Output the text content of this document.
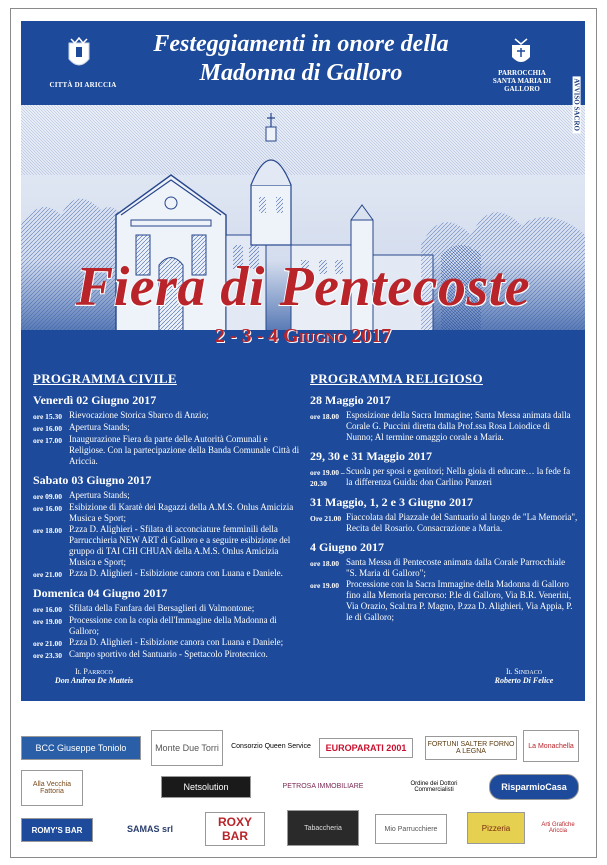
CITTÀ DI ARICCIA
Festeggiamenti in onore della
Madonna di Galloro	PARROCCHIA
SANTA MARIA DI GALLORO	AVVISO SACRO
Fiera di Pentecoste
2 - 3 - 4 Giugno 2017
PROGRAMMA CIVILE
Venerdì 02 Giugno 2017
ore 15.30 Rievocazione Storica Sbarco di Anzio;
ore 16.00 Apertura Stands;
ore 17.00 Inaugurazione Fiera da parte delle Autorità Comunali e Religiose. Con la partecipazione della Banda Comunale Città di Ariccia.
Sabato 03 Giugno 2017
ore 09.00 Apertura Stands;
ore 16.00 Esibizione di Karatè dei Ragazzi della A.M.S. Onlus Amicizia Musica e Sport;
ore 18.00 P.zza D. Alighieri - Sfilata di acconciature femminili della Parrucchieria NEW ART di Galloro e a seguire esibizione del gruppo di TAI CHI CHUAN della A.M.S. Onlus Amicizia Musica e Sport;
ore 21.00 P.zza D. Alighieri - Esibizione canora con Luana e Daniele.
Domenica 04 Giugno 2017
ore 16.00 Sfilata della Fanfara dei Bersaglieri di Valmontone;
ore 19.00 Processione con la copia dell'Immagine della Madonna di Galloro;
ore 21.00 P.zza D. Alighieri - Esibizione canora con Luana e Daniele;
ore 23.30 Campo sportivo del Santuario - Spettacolo Pirotecnico.
PROGRAMMA RELIGIOSO
28 Maggio 2017
ore 18.00 Esposizione della Sacra Immagine; Santa Messa animata dalla Corale G. Puccini diretta dalla Prof.ssa Rosa Loiodice di Nunno; Al termine omaggio corale a Maria.
29, 30 e 31 Maggio 2017
ore 19.00 – 20.30
Scuola per sposi e genitori; Nella gioia di educare… la fede fa la differenza Guida: don Carlino Panzeri
31 Maggio, 1, 2 e 3 Giugno 2017
Ore 21.00 Fiaccolata dal Piazzale del Santuario al luogo de "La Memoria", Recita del Rosario. Consacrazione a Maria.
4 Giugno 2017
ore 18.00 Santa Messa di Pentecoste animata dalla Corale Parrocchiale "S. Maria di Galloro";
ore 19.00 Processione con la Sacra Immagine della Madonna di Galloro fino alla Memoria percorso: P.le di Galloro, Via B.R. Venerini, Via Orazio, Scal.tra P. Magno, P.zza D. Alighieri, Via Appia, P. le di Galloro;
Il Parroco
Don Andrea De Matteis
Il Sindaco
Roberto Di Felice
BCC Giuseppe Toniolo	Monte Due Torri	Consorzio Queen Service	EUROPARATI 2001	FORTUNI SALTER FORNO A LEGNA
La Monachella
Alla Vecchia Fattoria	Netsolution	PETROSA IMMOBILIARE	Ordine dei Dottori Commercialisti	RisparmioCasa
ROMY'S BAR	SAMAS srl	ROXY BAR
Tabaccheria	Mio Parrucchiere	Pizzeria	Arti Grafiche Ariccia
